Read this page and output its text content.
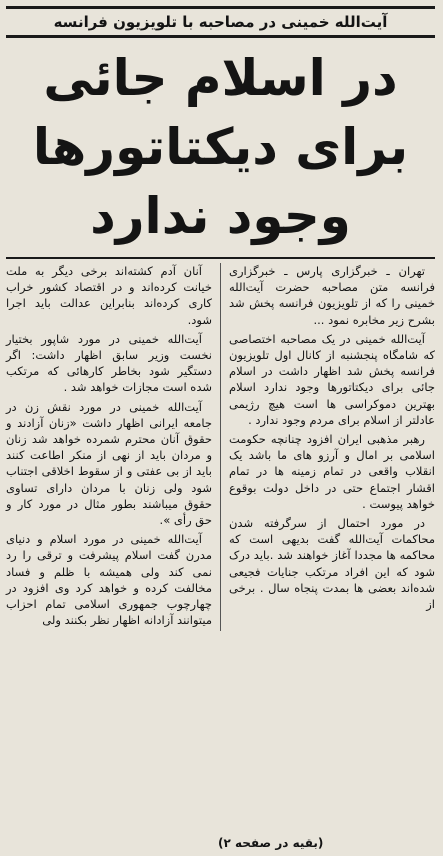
آیت‌الله خمینی در مصاحبه با تلویزیون فرانسه
در اسلام جائی
برای دیکتاتورها
وجود ندارد

تهران ـ خبرگزاری پارس ـ خبرگزاری فرانسه متن مصاحبه حضرت آیت‌الله خمینی را که از تلویزیون فرانسه پخش شد بشرح زیر مخابره نمود ...

آیت‌الله خمینی در یک مصاحبه اختصاصی که شامگاه پنجشنبه از کانال اول تلویزیون فرانسه پخش شد اظهار داشت در اسلام جائی برای دیکتاتورها وجود ندارد اسلام بهترین دموکراسی ها است هیچ رژیمی عادلتر از اسلام برای مردم وجود ندارد .

رهبر مذهبی ایران افزود چنانچه حکومت اسلامی بر امال و آرزو های ما باشد یک انقلاب واقعی در تمام زمینه ها در تمام اقشار اجتماع حتی در داخل دولت بوقوع خواهد پیوست .

در مورد احتمال از سرگرفته شدن محاکمات آیت‌الله گفت بدیهی است که محاکمه ها مجددا آغاز خواهند شد .باید درک شود که این افراد مرتکب جنایات فجیعی شده‌اند بعضی ها بمدت پنجاه سال . برخی از

آنان آدم کشته‌اند برخی دیگر به ملت خیانت کرده‌اند و در اقتصاد کشور خراب کاری کرده‌اند بنابراین عدالت باید اجرا شود.

آیت‌الله خمینی در مورد شاپور بختیار نخست وزیر سابق اظهار داشت: اگر دستگیر شود بخاطر کارهائی که مرتکب شده است مجازات خواهد شد .

آیت‌الله خمینی در مورد نقش زن در جامعه ایرانی اظهار داشت «زنان آزادند و حقوق آنان محترم شمرده خواهد شد زنان و مردان باید از نهی از منکر اطاعت کنند باید از بی عفتی و از سقوط اخلاقی اجتناب شود ولی زنان با مردان دارای تساوی حقوق میباشند بطور مثال در مورد کار و حق رأی ».

آیت‌الله خمینی در مورد اسلام و دنیای مدرن گفت اسلام پیشرفت و ترقی را رد نمی کند ولی همیشه با ظلم و فساد مخالفت کرده و خواهد کرد وی افزود در چهارچوب جمهوری اسلامی تمام احزاب میتوانند آزادانه اظهار نظر بکنند ولی

(بقیه در صفحه ۲)
